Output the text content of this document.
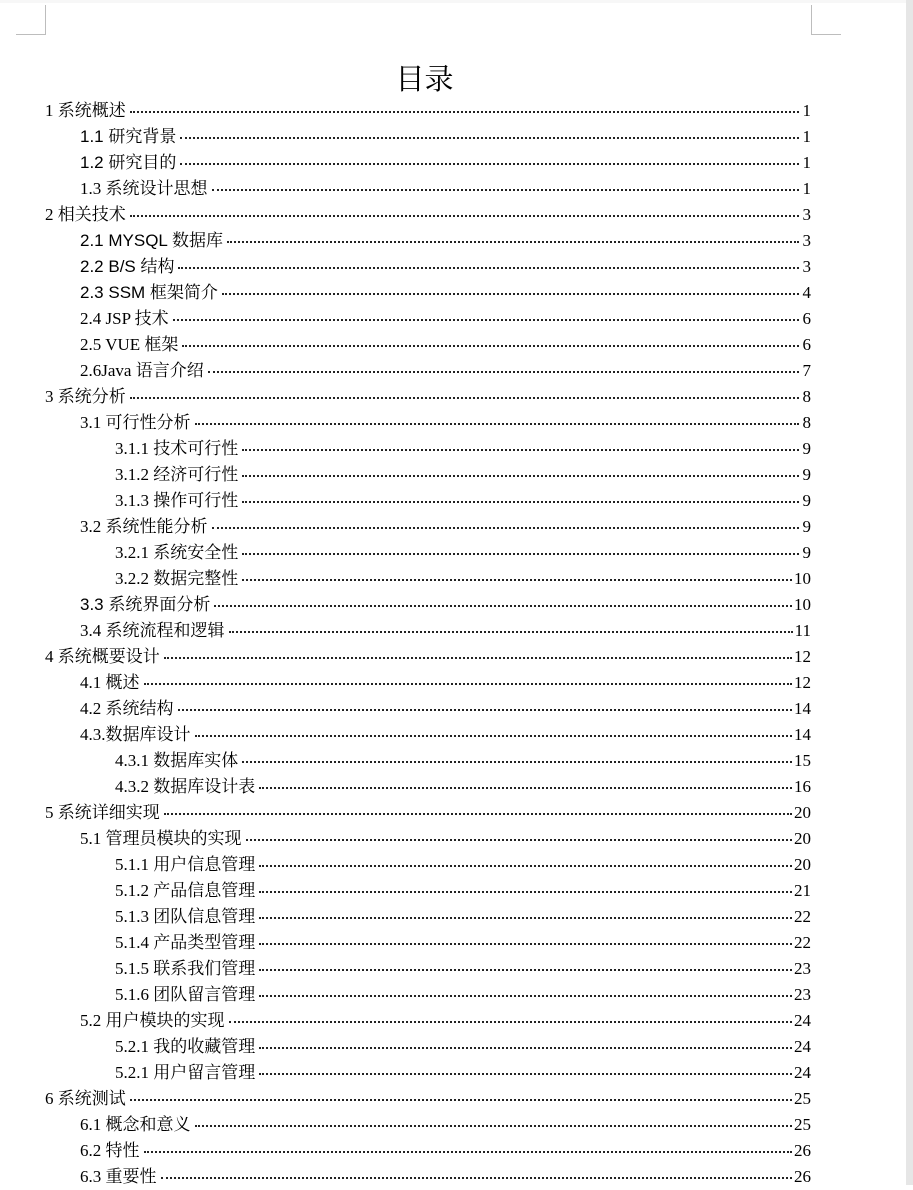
目录
1 系统概述	1
1.1 研究背景	1
1.2 研究目的	1
1.3 系统设计思想	1
2 相关技术	3
2.1 MYSQL 数据库	3
2.2 B/S 结构	3
2.3 SSM 框架简介	4
2.4 JSP 技术	6
2.5 VUE 框架	6
2.6Java 语言介绍	7
3 系统分析	8
3.1 可行性分析	8
3.1.1 技术可行性	9
3.1.2 经济可行性	9
3.1.3 操作可行性	9
3.2 系统性能分析	9
3.2.1 系统安全性	9
3.2.2 数据完整性	10
3.3 系统界面分析	10
3.4 系统流程和逻辑	11
4 系统概要设计	12
4.1 概述	12
4.2 系统结构	14
4.3.数据库设计	14
4.3.1 数据库实体	15
4.3.2 数据库设计表	16
5 系统详细实现	20
5.1 管理员模块的实现	20
5.1.1 用户信息管理	20
5.1.2 产品信息管理	21
5.1.3 团队信息管理	22
5.1.4 产品类型管理	22
5.1.5 联系我们管理	23
5.1.6 团队留言管理	23
5.2 用户模块的实现	24
5.2.1 我的收藏管理	24
5.2.1 用户留言管理	24
6 系统测试	25
6.1 概念和意义	25
6.2 特性	26
6.3 重要性	26
